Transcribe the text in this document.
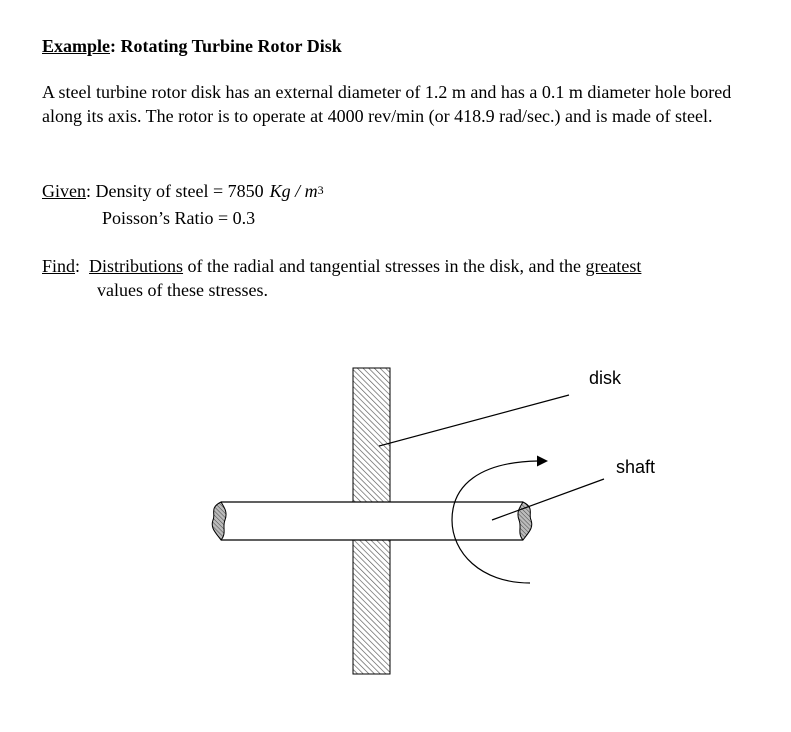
Example: Rotating Turbine Rotor Disk
A steel turbine rotor disk has an external diameter of 1.2 m and has a 0.1 m diameter hole bored along its axis. The rotor is to operate at 4000 rev/min (or 418.9 rad/sec.) and is made of steel.
Given: Density of steel = 7850 Kg / $m^3$
Poisson’s Ratio = 0.3
Find: Distributions of the radial and tangential stresses in the disk, and the greatest
values of these stresses.
disk
shaft
